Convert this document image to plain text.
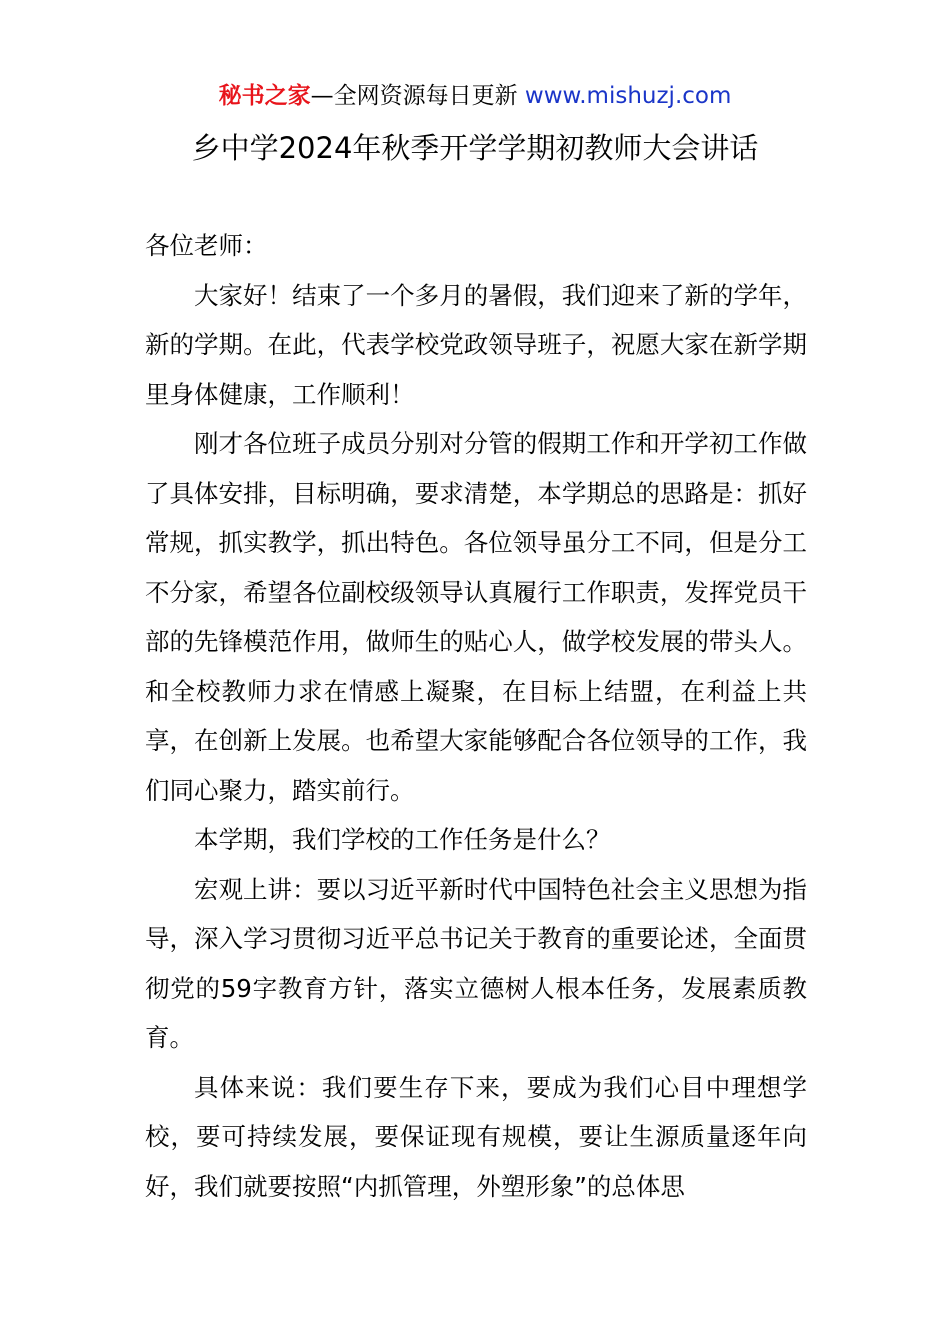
秘书之家—全网资源每日更新 www.mishuzj.com
乡中学2024年秋季开学学期初教师大会讲话

各位老师：

大家好！结束了一个多月的暑假，我们迎来了新的学年，新的学期。在此，代表学校党政领导班子，祝愿大家在新学期里身体健康，工作顺利！

刚才各位班子成员分别对分管的假期工作和开学初工作做了具体安排，目标明确，要求清楚，本学期总的思路是：抓好常规，抓实教学，抓出特色。各位领导虽分工不同，但是分工不分家，希望各位副校级领导认真履行工作职责，发挥党员干部的先锋模范作用，做师生的贴心人，做学校发展的带头人。和全校教师力求在情感上凝聚，在目标上结盟，在利益上共享，在创新上发展。也希望大家能够配合各位领导的工作，我们同心聚力，踏实前行。

本学期，我们学校的工作任务是什么？

宏观上讲：要以习近平新时代中国特色社会主义思想为指导，深入学习贯彻习近平总书记关于教育的重要论述，全面贯彻党的59字教育方针，落实立德树人根本任务，发展素质教育。

具体来说：我们要生存下来，要成为我们心目中理想学校，要可持续发展，要保证现有规模，要让生源质量逐年向好，我们就要按照“内抓管理，外塑形象”的总体思
